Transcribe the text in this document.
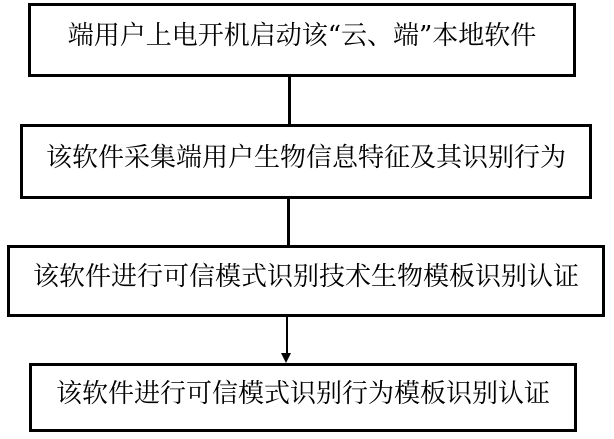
端用户上电开机启动该“云、端”本地软件
该软件采集端用户生物信息特征及其识别行为
该软件进行可信模式识别技术生物模板识别认证
该软件进行可信模式识别行为模板识别认证
